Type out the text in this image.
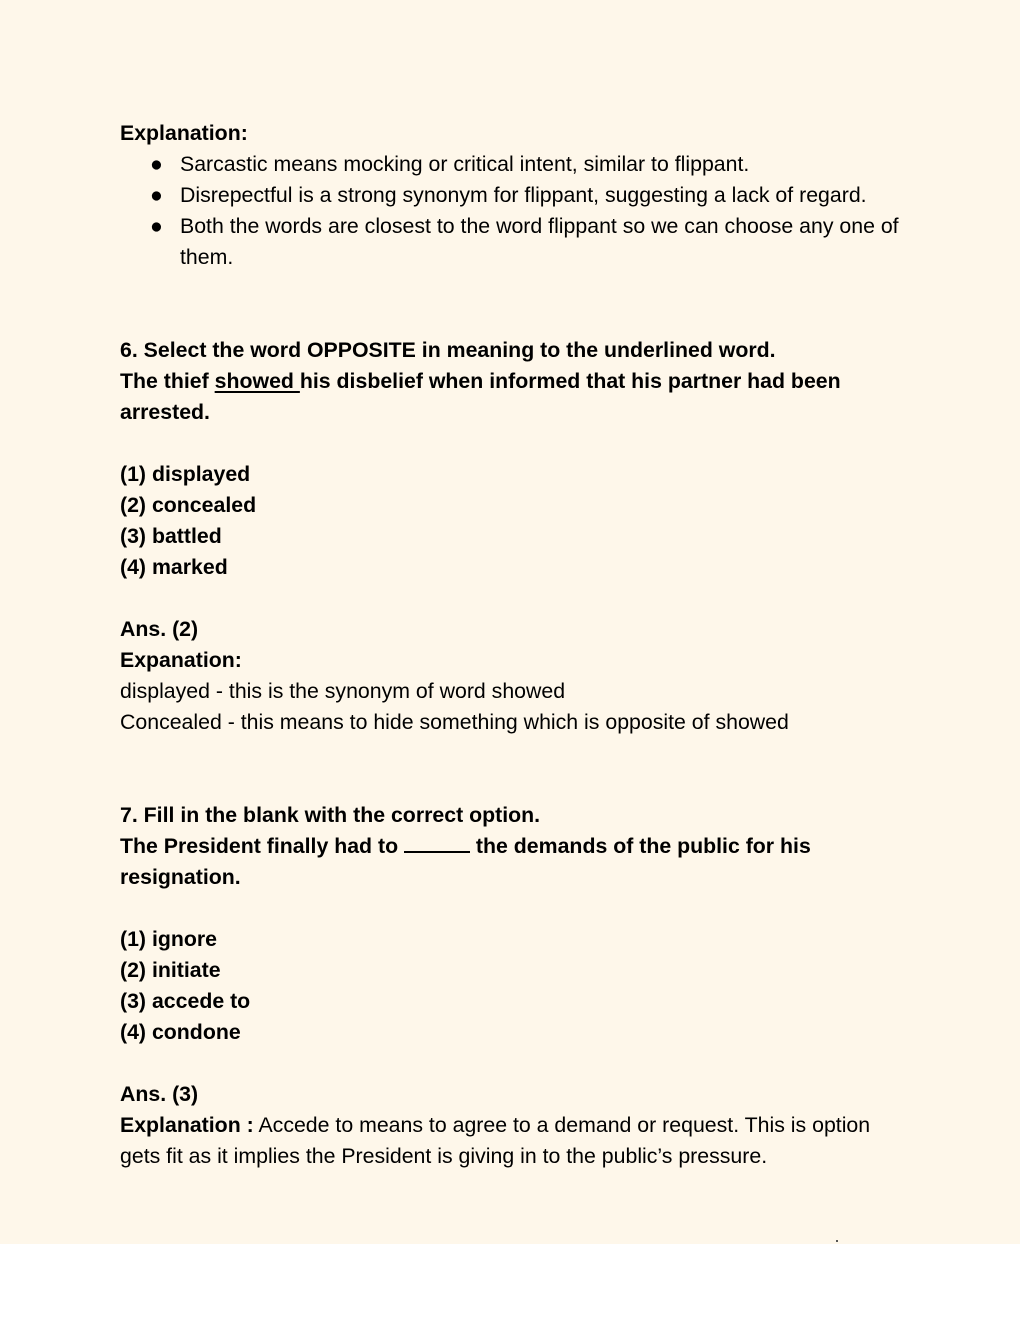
Explanation:

● Sarcastic means mocking or critical intent, similar to flippant.
● Disrepectful is a strong synonym for flippant, suggesting a lack of regard.
● Both the words are closest to the word flippant so we can choose any one of them.

6. Select the word OPPOSITE in meaning to the underlined word.

The thief showed his disbelief when informed that his partner had been arrested.

(1) displayed

(2) concealed

(3) battled

(4) marked

Ans. (2)

Expanation:

displayed - this is the synonym of word showed

Concealed - this means to hide something which is opposite of showed

7. Fill in the blank with the correct option.

The President finally had to	the demands of the public for his resignation.

(1) ignore

(2) initiate

(3) accede to

(4) condone

Ans. (3)

Explanation : Accede to means to agree to a demand or request. This is option gets fit as it implies the President is giving in to the public’s pressure.
